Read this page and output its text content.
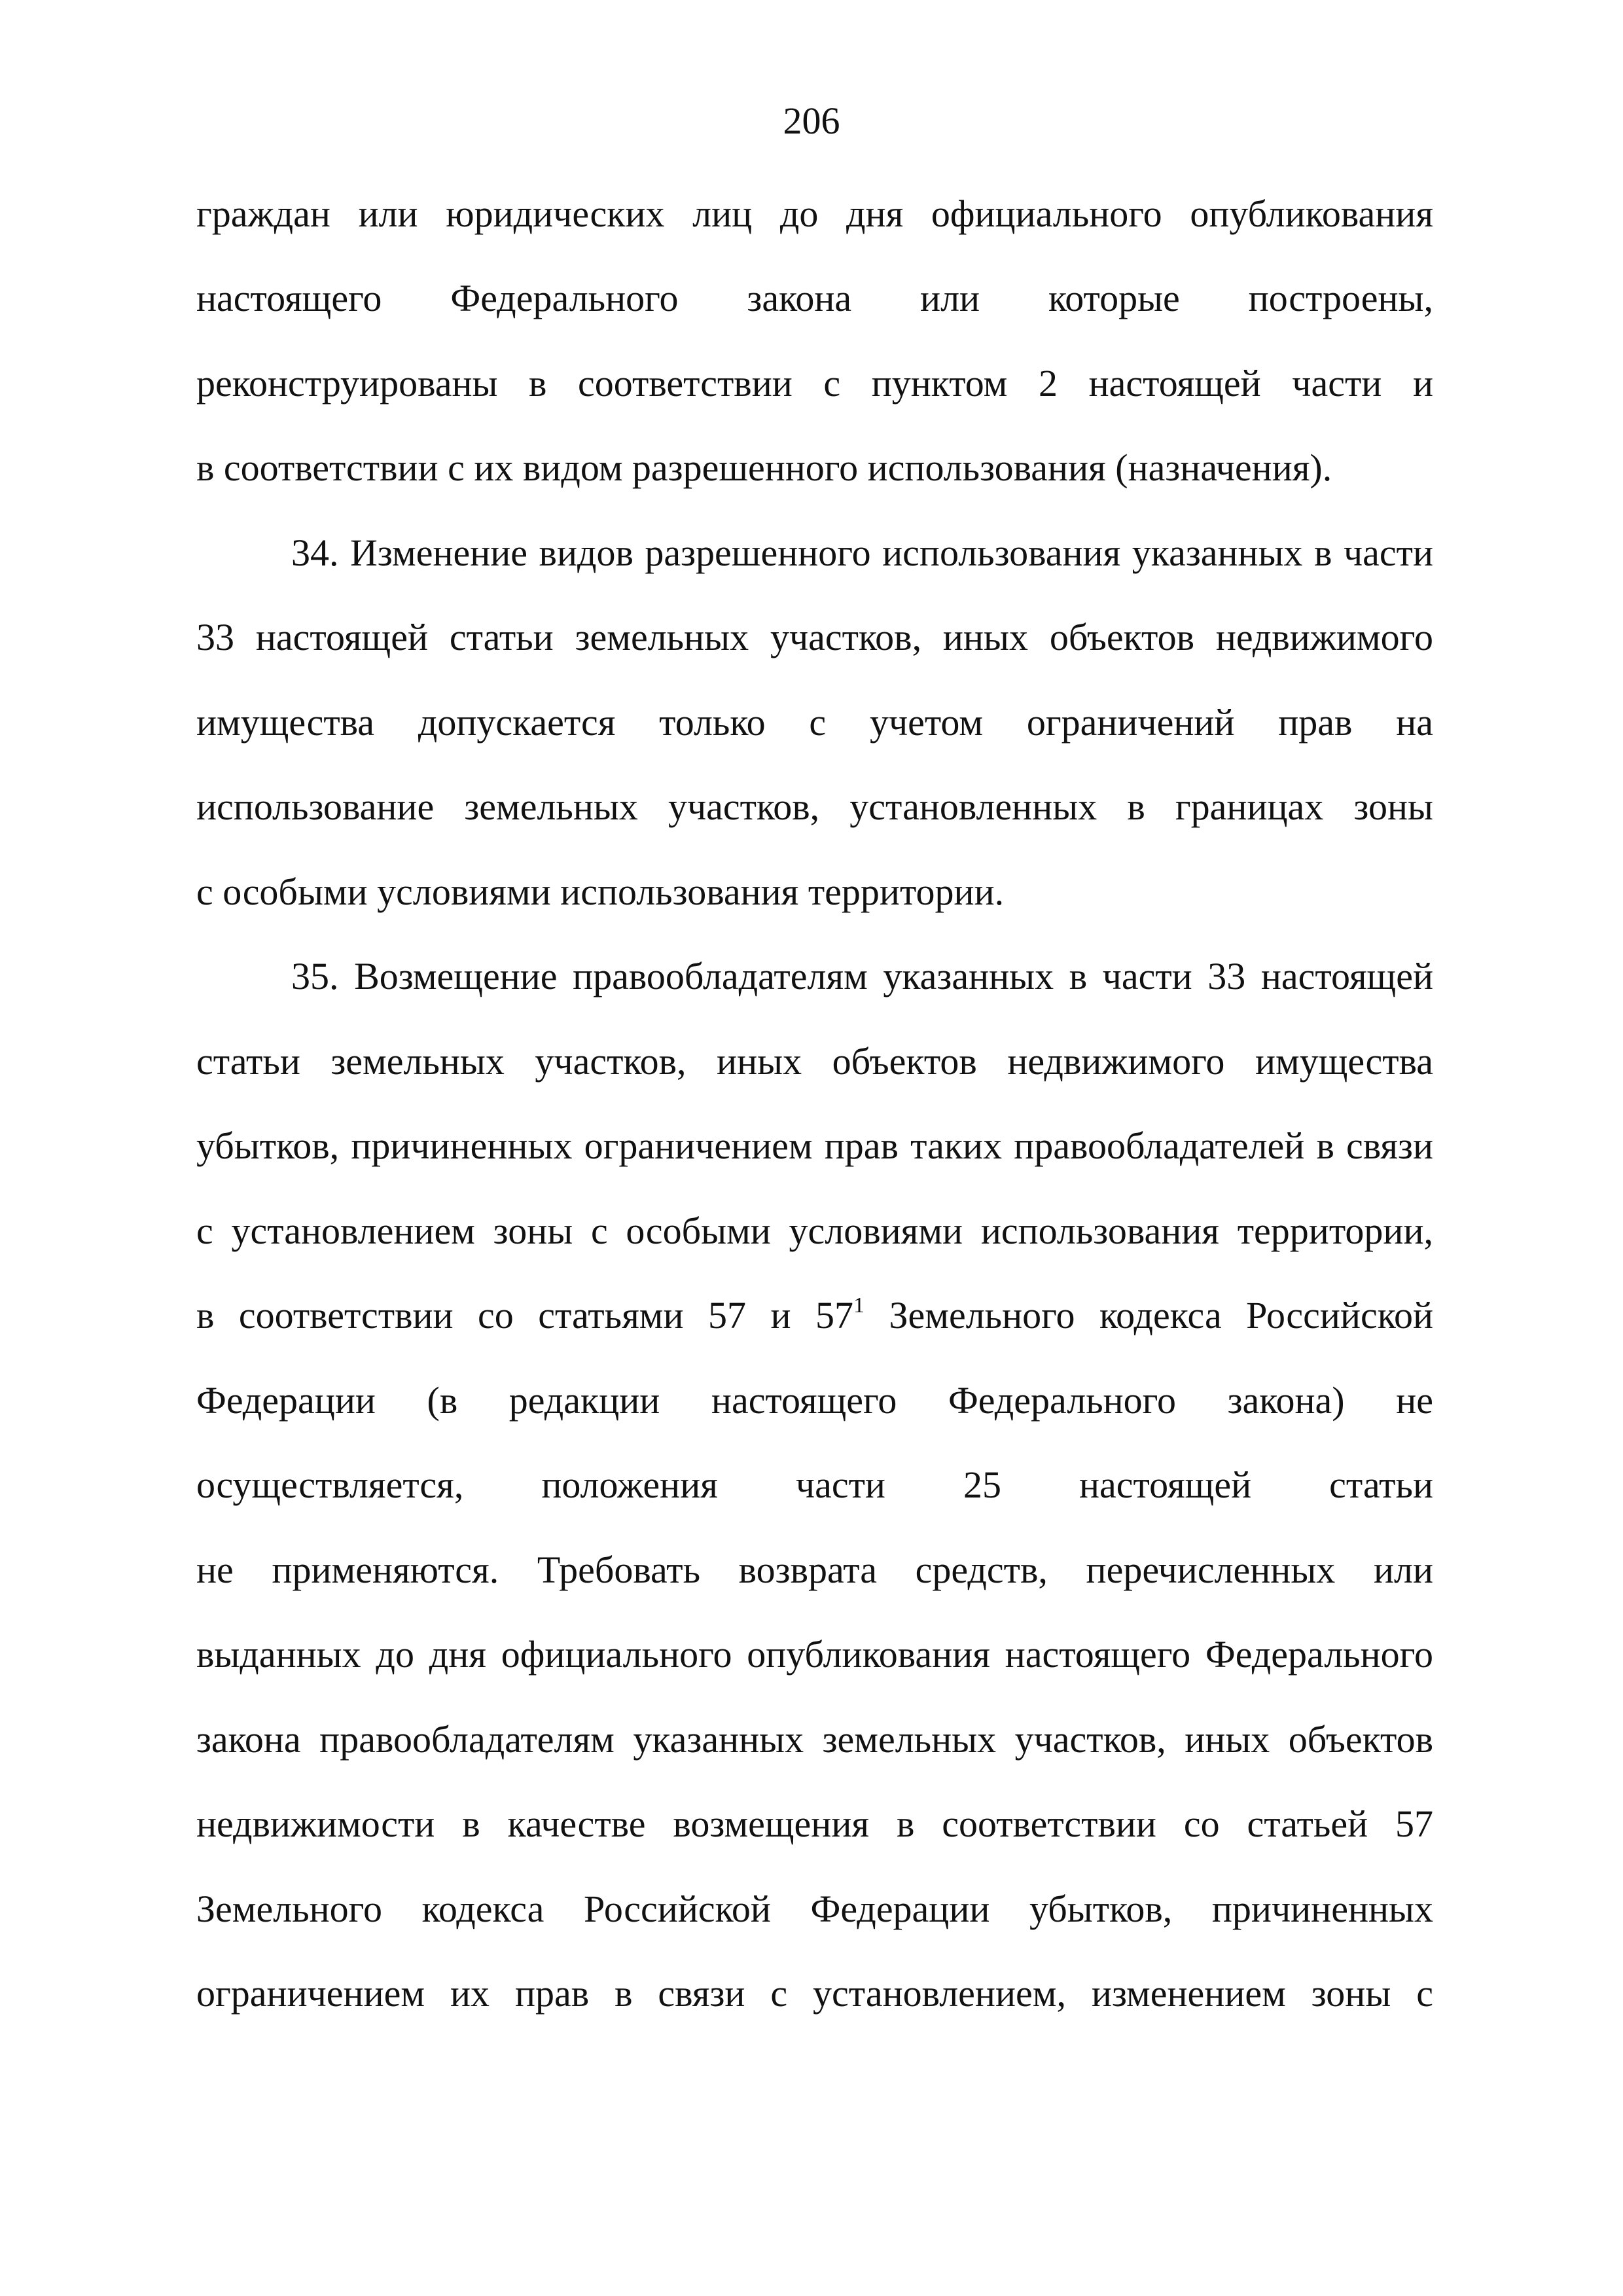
206
граждан или юридических лиц до дня официального опубликования
настоящего Федерального закона или которые построены,
реконструированы в соответствии с пунктом 2 настоящей части и
в соответствии с их видом разрешенного использования (назначения).
34. Изменение видов разрешенного использования указанных в части
33 настоящей статьи земельных участков, иных объектов недвижимого
имущества допускается только с учетом ограничений прав на
использование земельных участков, установленных в границах зоны
с особыми условиями использования территории.
35. Возмещение правообладателям указанных в части 33 настоящей
статьи земельных участков, иных объектов недвижимого имущества
убытков, причиненных ограничением прав таких правообладателей в связи
с установлением зоны с особыми условиями использования территории,
в соответствии со статьями 57 и $57^1$ Земельного кодекса Российской
Федерации (в редакции настоящего Федерального закона) не
осуществляется, положения части 25 настоящей статьи
не применяются. Требовать возврата средств, перечисленных или
выданных до дня официального опубликования настоящего Федерального
закона правообладателям указанных земельных участков, иных объектов
недвижимости в качестве возмещения в соответствии со статьей 57
Земельного кодекса Российской Федерации убытков, причиненных
ограничением их прав в связи с установлением, изменением зоны с
